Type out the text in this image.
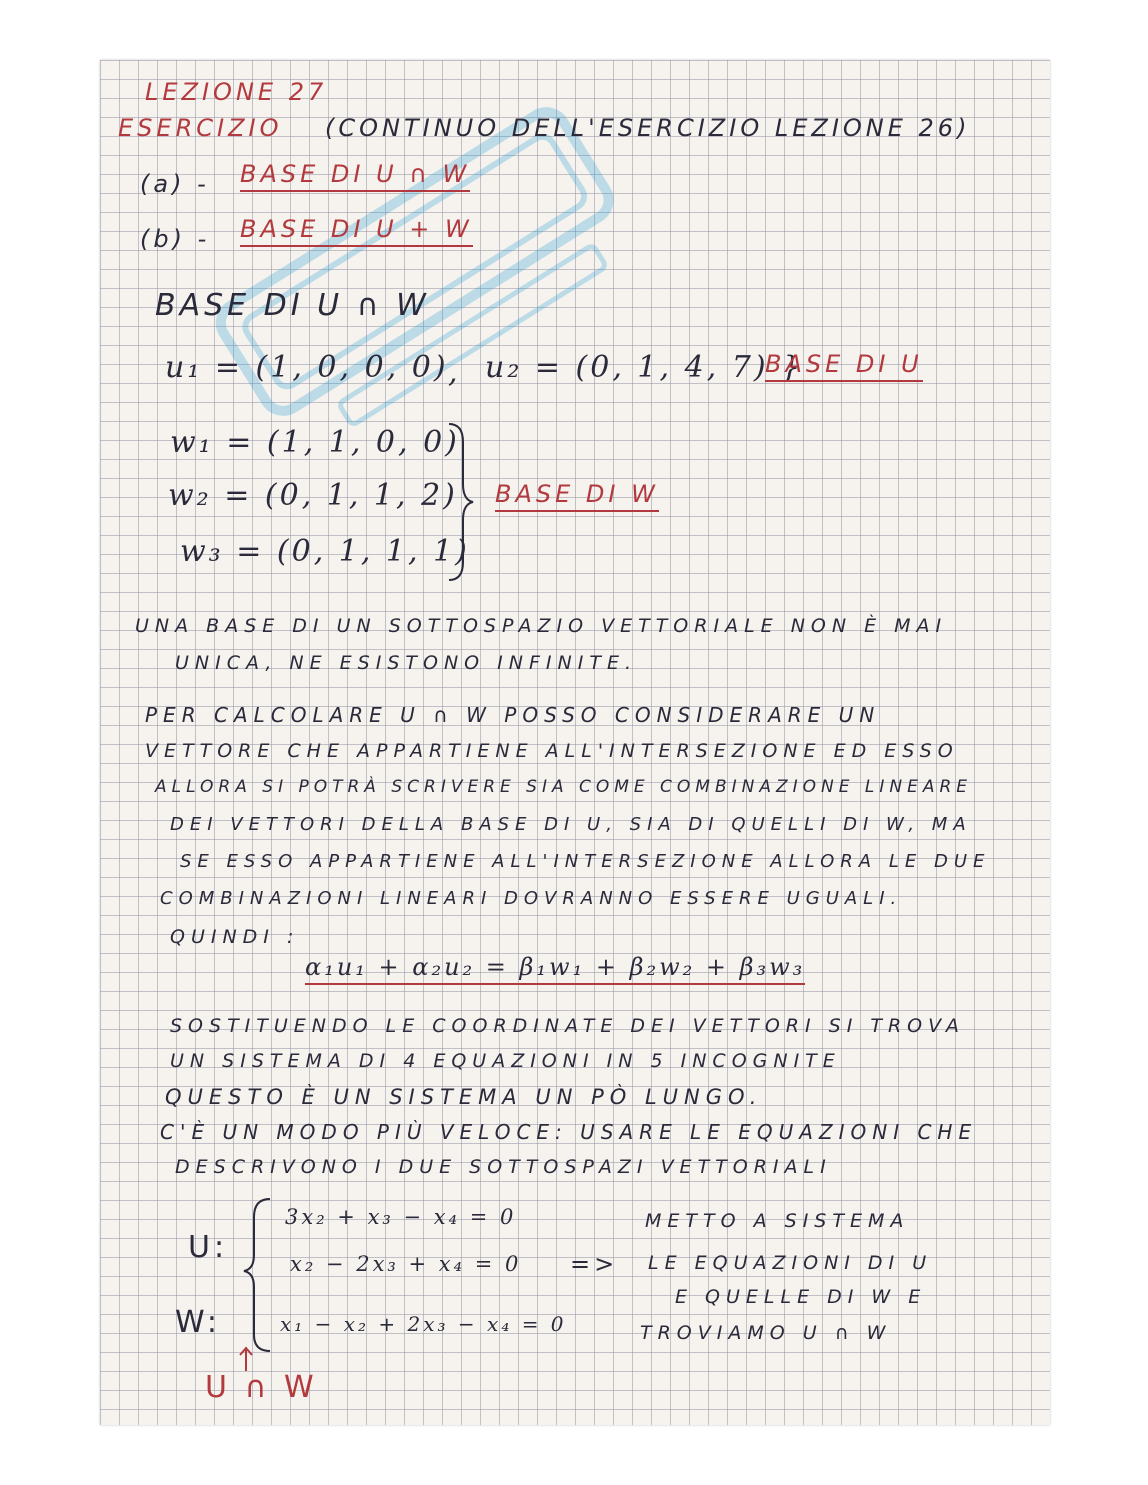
LEZIONE 27
ESERCIZIO (CONTINUO DELL'ESERCIZIO LEZIONE 26)
(a) - BASE DI U ∩ W
(b) - BASE DI U + W
BASE DI U ∩ W
u₁ = (1, 0, 0, 0) , u₂ = (0, 1, 4, 7) }
BASE DI U
w₁ = (1, 1, 0, 0)
w₂ = (0, 1, 1, 2)
w₃ = (0, 1, 1, 1)
BASE DI W
UNA BASE DI UN SOTTOSPAZIO VETTORIALE NON È MAI
UNICA, NE ESISTONO INFINITE.
PER CALCOLARE U ∩ W POSSO CONSIDERARE UN
VETTORE CHE APPARTIENE ALL'INTERSEZIONE ED ESSO
ALLORA SI POTRÀ SCRIVERE SIA COME COMBINAZIONE LINEARE
DEI VETTORI DELLA BASE DI U, SIA DI QUELLI DI W, MA
SE ESSO APPARTIENE ALL'INTERSEZIONE ALLORA LE DUE
COMBINAZIONI LINEARI DOVRANNO ESSERE UGUALI.
QUINDI :
α₁u₁ + α₂u₂ = β₁w₁ + β₂w₂ + β₃w₃
SOSTITUENDO LE COORDINATE DEI VETTORI SI TROVA
UN SISTEMA DI 4 EQUAZIONI IN 5 INCOGNITE
QUESTO È UN SISTEMA UN PÒ LUNGO.
C'È UN MODO PIÙ VELOCE: USARE LE EQUAZIONI CHE
DESCRIVONO I DUE SOTTOSPAZI VETTORIALI
U:
W:
3x₂ + x₃ − x₄ = 0
x₂ − 2x₃ + x₄ = 0
x₁ − x₂ + 2x₃ − x₄ = 0
=>
U ∩ W
METTO A SISTEMA
LE EQUAZIONI DI U
E QUELLE DI W E
TROVIAMO U ∩ W
